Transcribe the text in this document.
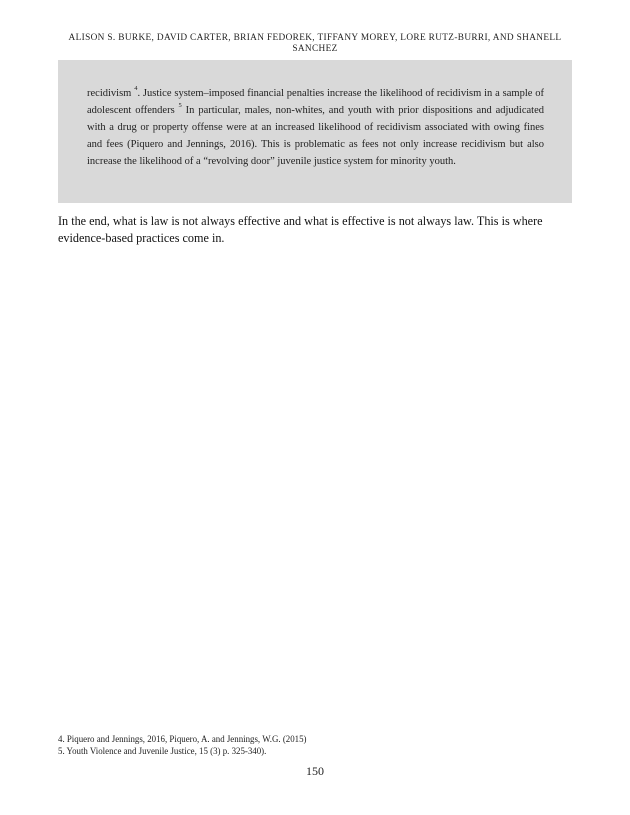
ALISON S. BURKE, DAVID CARTER, BRIAN FEDOREK, TIFFANY MOREY, LORE RUTZ-BURRI, AND SHANELL SANCHEZ
recidivism $^4$. Justice system–imposed financial penalties increase the likelihood of recidivism in a sample of adolescent offenders $^5$ In particular, males, non-whites, and youth with prior dispositions and adjudicated with a drug or property offense were at an increased likelihood of recidivism associated with owing fines and fees (Piquero and Jennings, 2016). This is problematic as fees not only increase recidivism but also increase the likelihood of a “revolving door” juvenile justice system for minority youth.

In the end, what is law is not always effective and what is effective is not always law. This is where evidence-based practices come in.

4. Piquero and Jennings, 2016, Piquero, A. and Jennings, W.G. (2015)
5. Youth Violence and Juvenile Justice, 15 (3) p. 325-340).
150
